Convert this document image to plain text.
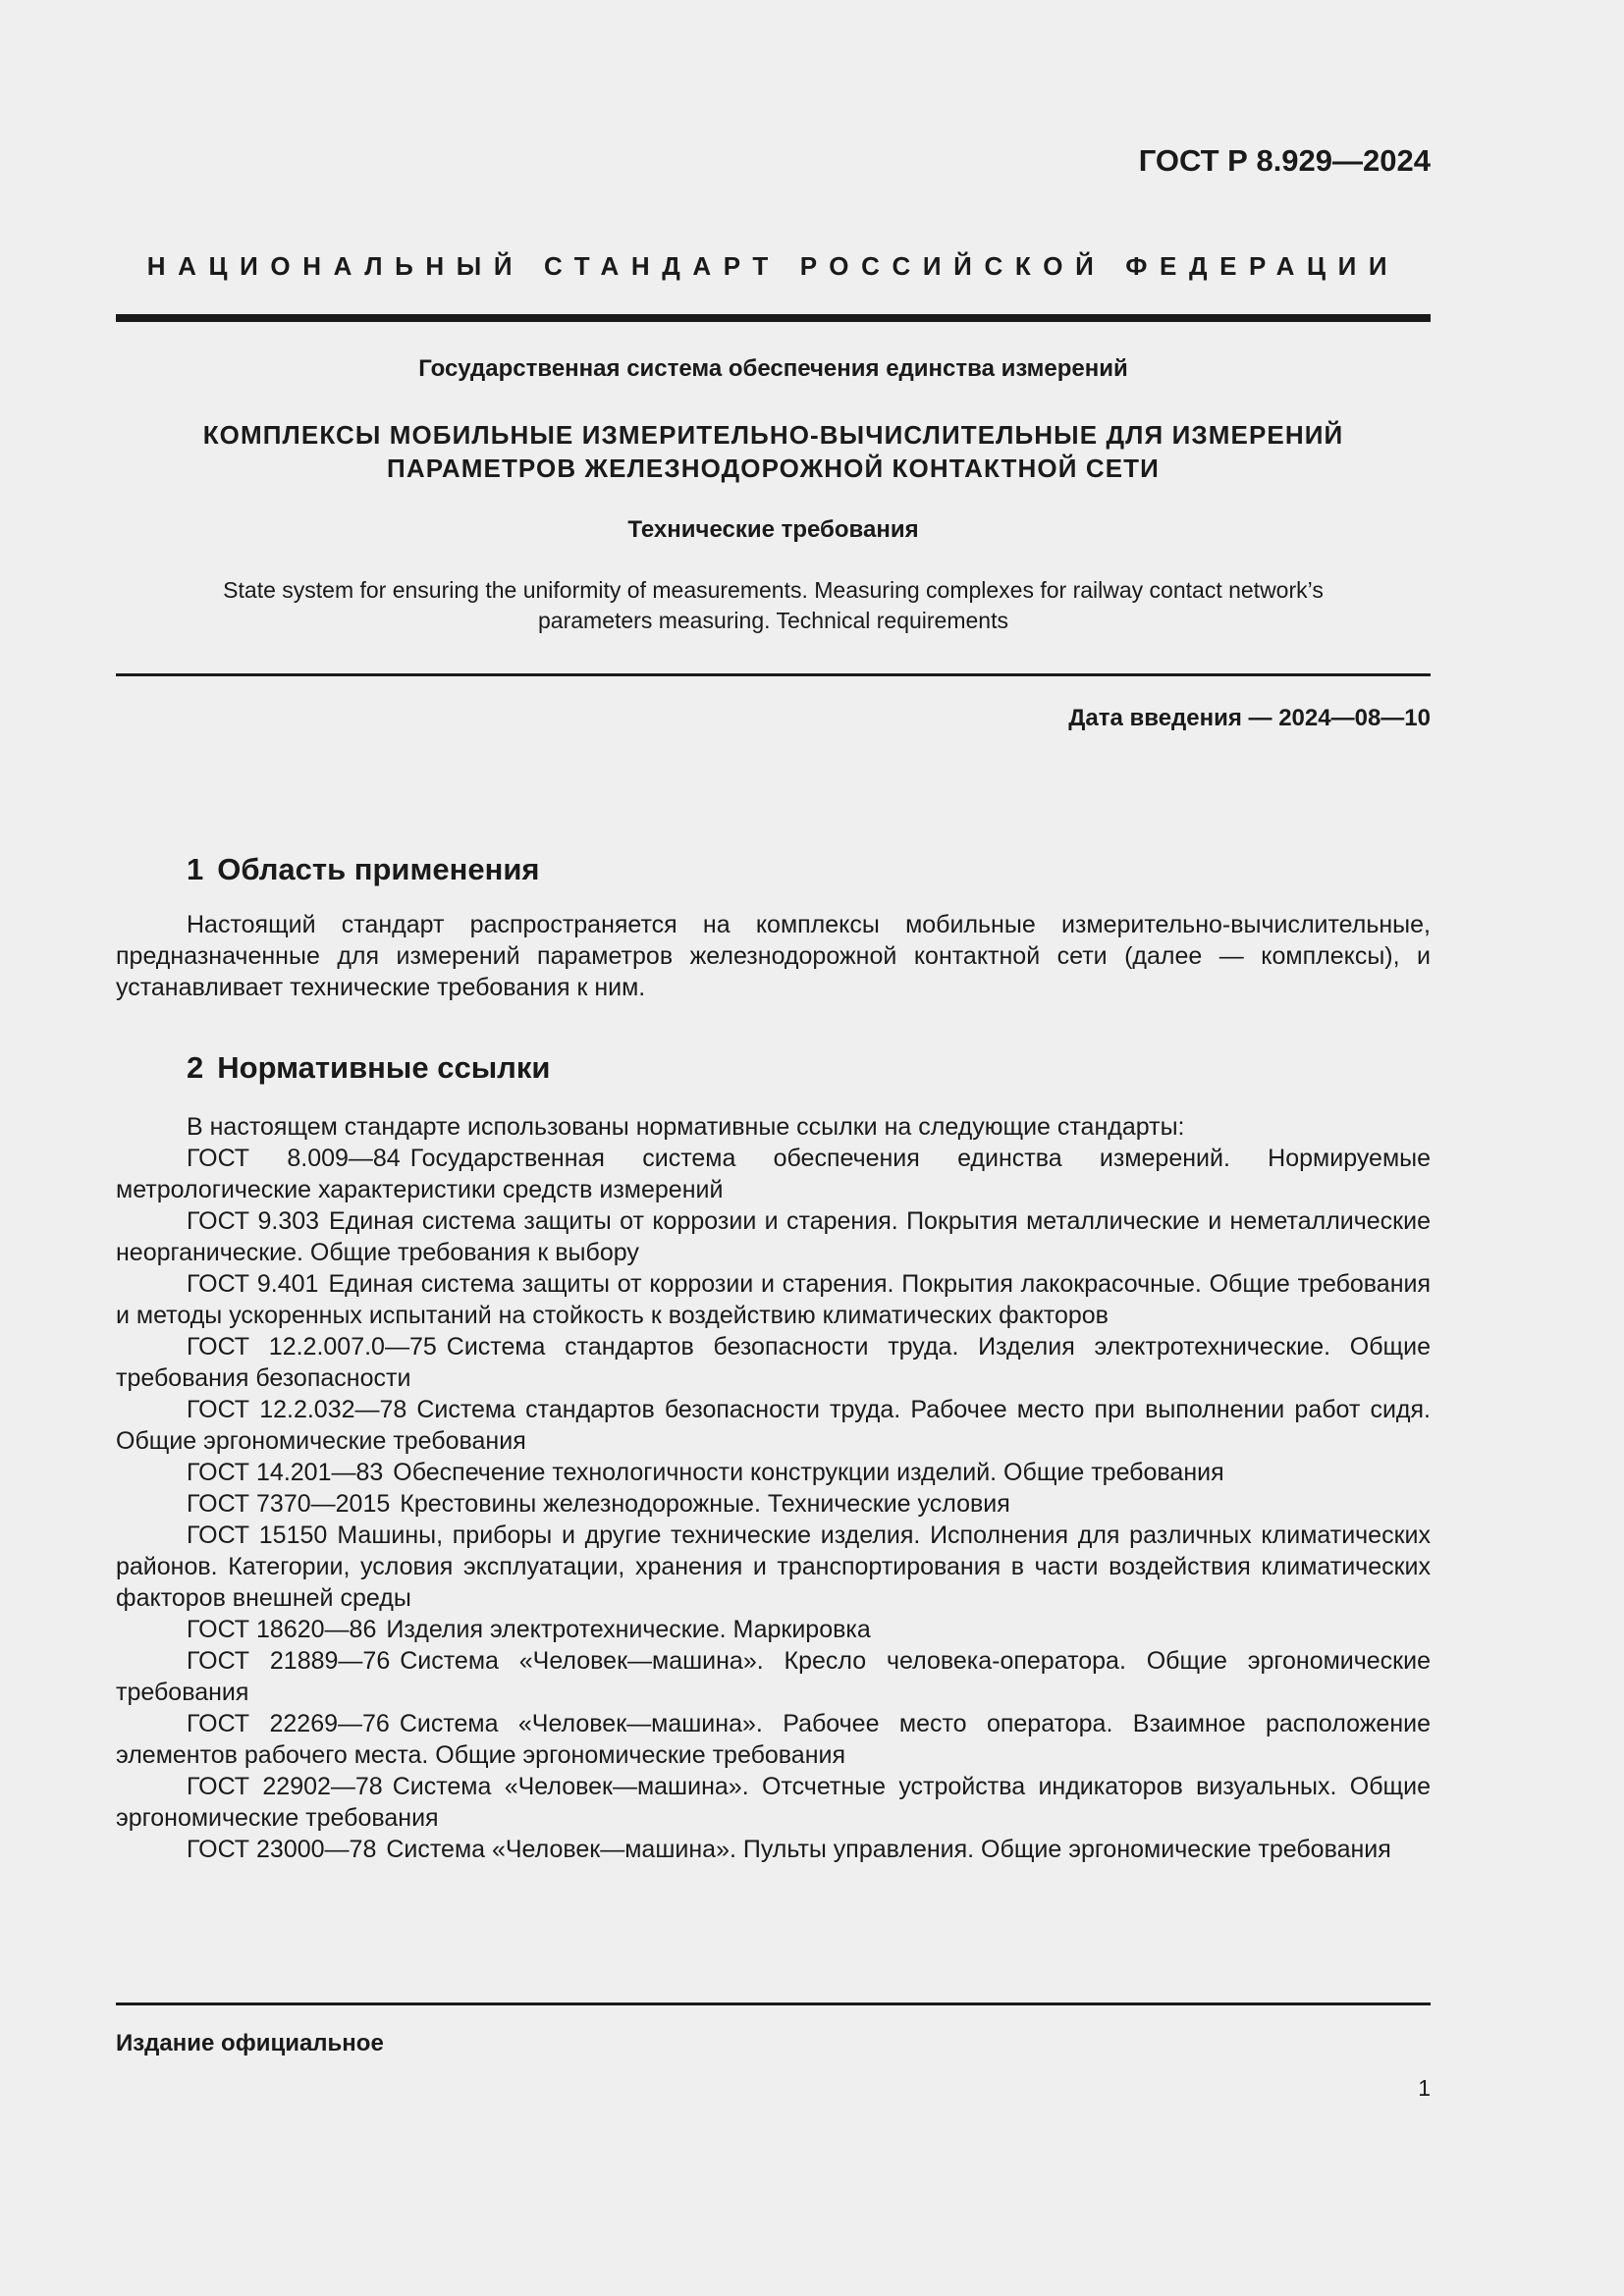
ГОСТ Р 8.929—2024
НАЦИОНАЛЬНЫЙ СТАНДАРТ РОССИЙСКОЙ ФЕДЕРАЦИИ
Государственная система обеспечения единства измерений
КОМПЛЕКСЫ МОБИЛЬНЫЕ ИЗМЕРИТЕЛЬНО-ВЫЧИСЛИТЕЛЬНЫЕ ДЛЯ ИЗМЕРЕНИЙ
ПАРАМЕТРОВ ЖЕЛЕЗНОДОРОЖНОЙ КОНТАКТНОЙ СЕТИ
Технические требования
State system for ensuring the uniformity of measurements. Measuring complexes for railway contact network’s
parameters measuring. Technical requirements
Дата введения — 2024—08—10
1 Область применения

Настоящий стандарт распространяется на комплексы мобильные измерительно-вычислительные, предназначенные для измерений параметров железнодорожной контактной сети (далее — комплексы), и устанавливает технические требования к ним.

2 Нормативные ссылки

В настоящем стандарте использованы нормативные ссылки на следующие стандарты:

ГОСТ 8.009—84 Государственная система обеспечения единства измерений. Нормируемые метрологические характеристики средств измерений

ГОСТ 9.303 Единая система защиты от коррозии и старения. Покрытия металлические и неметаллические неорганические. Общие требования к выбору

ГОСТ 9.401 Единая система защиты от коррозии и старения. Покрытия лакокрасочные. Общие требования и методы ускоренных испытаний на стойкость к воздействию климатических факторов

ГОСТ 12.2.007.0—75 Система стандартов безопасности труда. Изделия электротехнические. Общие требования безопасности

ГОСТ 12.2.032—78 Система стандартов безопасности труда. Рабочее место при выполнении работ сидя. Общие эргономические требования

ГОСТ 14.201—83 Обеспечение технологичности конструкции изделий. Общие требования

ГОСТ 7370—2015 Крестовины железнодорожные. Технические условия

ГОСТ 15150 Машины, приборы и другие технические изделия. Исполнения для различных климатических районов. Категории, условия эксплуатации, хранения и транспортирования в части воздействия климатических факторов внешней среды

ГОСТ 18620—86 Изделия электротехнические. Маркировка

ГОСТ 21889—76 Система «Человек—машина». Кресло человека-оператора. Общие эргономические требования

ГОСТ 22269—76 Система «Человек—машина». Рабочее место оператора. Взаимное расположение элементов рабочего места. Общие эргономические требования

ГОСТ 22902—78 Система «Человек—машина». Отсчетные устройства индикаторов визуальных. Общие эргономические требования

ГОСТ 23000—78 Система «Человек—машина». Пульты управления. Общие эргономические требования

Издание официальное
1
